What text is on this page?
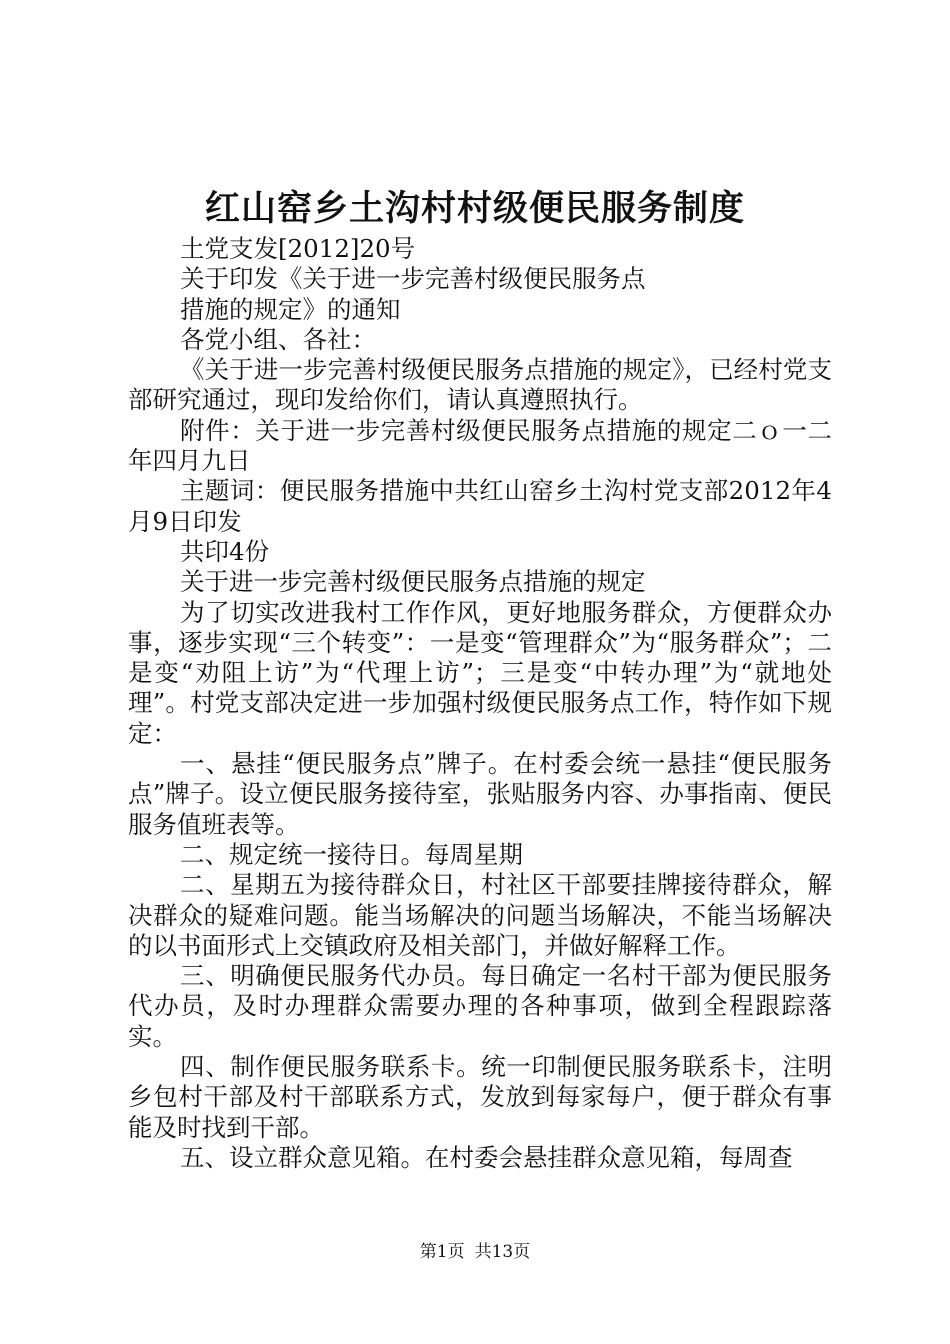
红山窑乡土沟村村级便民服务制度

土党支发[2012]20号

关于印发《关于进一步完善村级便民服务点

措施的规定》的通知

各党小组、各社：

《关于进一步完善村级便民服务点措施的规定》，已经村党支部研究通过，现印发给你们，请认真遵照执行。

附件：关于进一步完善村级便民服务点措施的规定二ｏ一二年四月九日

主题词：便民服务措施中共红山窑乡土沟村党支部2012年4月9日印发

共印4份

关于进一步完善村级便民服务点措施的规定

为了切实改进我村工作作风，更好地服务群众，方便群众办事，逐步实现“三个转变”：一是变“管理群众”为“服务群众”；二是变“劝阻上访”为“代理上访”；三是变“中转办理”为“就地处理”。村党支部决定进一步加强村级便民服务点工作，特作如下规定：

一、悬挂“便民服务点”牌子。在村委会统一悬挂“便民服务点”牌子。设立便民服务接待室，张贴服务内容、办事指南、便民服务值班表等。

二、规定统一接待日。每周星期

二、星期五为接待群众日，村社区干部要挂牌接待群众，解决群众的疑难问题。能当场解决的问题当场解决，不能当场解决的以书面形式上交镇政府及相关部门，并做好解释工作。

三、明确便民服务代办员。每日确定一名村干部为便民服务代办员，及时办理群众需要办理的各种事项，做到全程跟踪落实。

四、制作便民服务联系卡。统一印制便民服务联系卡，注明乡包村干部及村干部联系方式，发放到每家每户，便于群众有事能及时找到干部。

五、设立群众意见箱。在村委会悬挂群众意见箱，每周查

第1页 共13页
